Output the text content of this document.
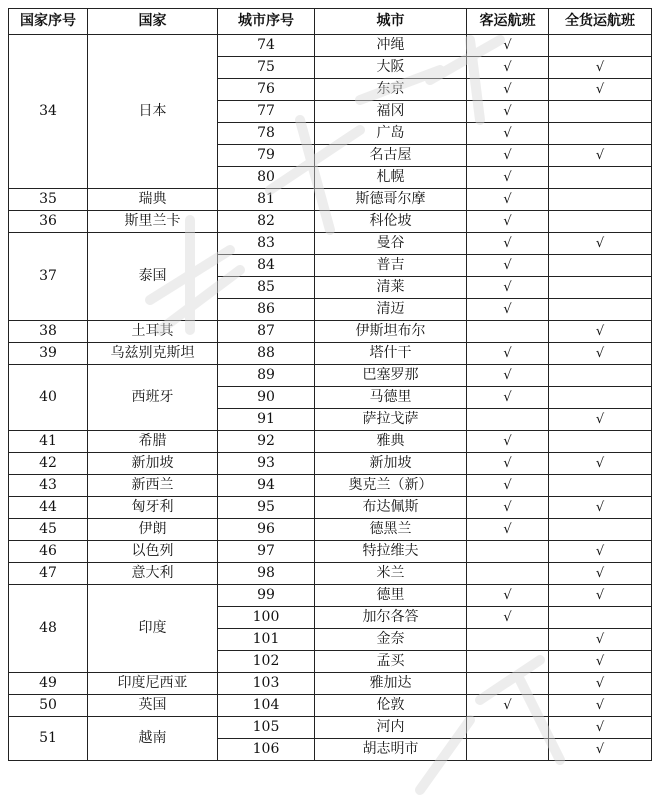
国家序号	国家	城市序号	城市	客运航班	全货运航班
34	日本	74	冲绳	√	
		75	大阪	√	√
		76	东京	√	√
		77	福冈	√	
		78	广岛	√	
		79	名古屋	√	√
		80	札幌	√	
35	瑞典	81	斯德哥尔摩	√	
36	斯里兰卡	82	科伦坡	√	
37	泰国	83	曼谷	√	√
		84	普吉	√	
		85	清莱	√	
		86	清迈	√	
38	土耳其	87	伊斯坦布尔		√
39	乌兹别克斯坦	88	塔什干	√	√
40	西班牙	89	巴塞罗那	√	
		90	马德里	√	
		91	萨拉戈萨		√
41	希腊	92	雅典	√	
42	新加坡	93	新加坡	√	√
43	新西兰	94	奥克兰（新）	√	
44	匈牙利	95	布达佩斯	√	√
45	伊朗	96	德黑兰	√	
46	以色列	97	特拉维夫		√
47	意大利	98	米兰		√
48	印度	99	德里	√	√
		100	加尔各答	√	
		101	金奈		√
		102	孟买		√
49	印度尼西亚	103	雅加达		√
50	英国	104	伦敦	√	√
51	越南	105	河内		√
		106	胡志明市		√
